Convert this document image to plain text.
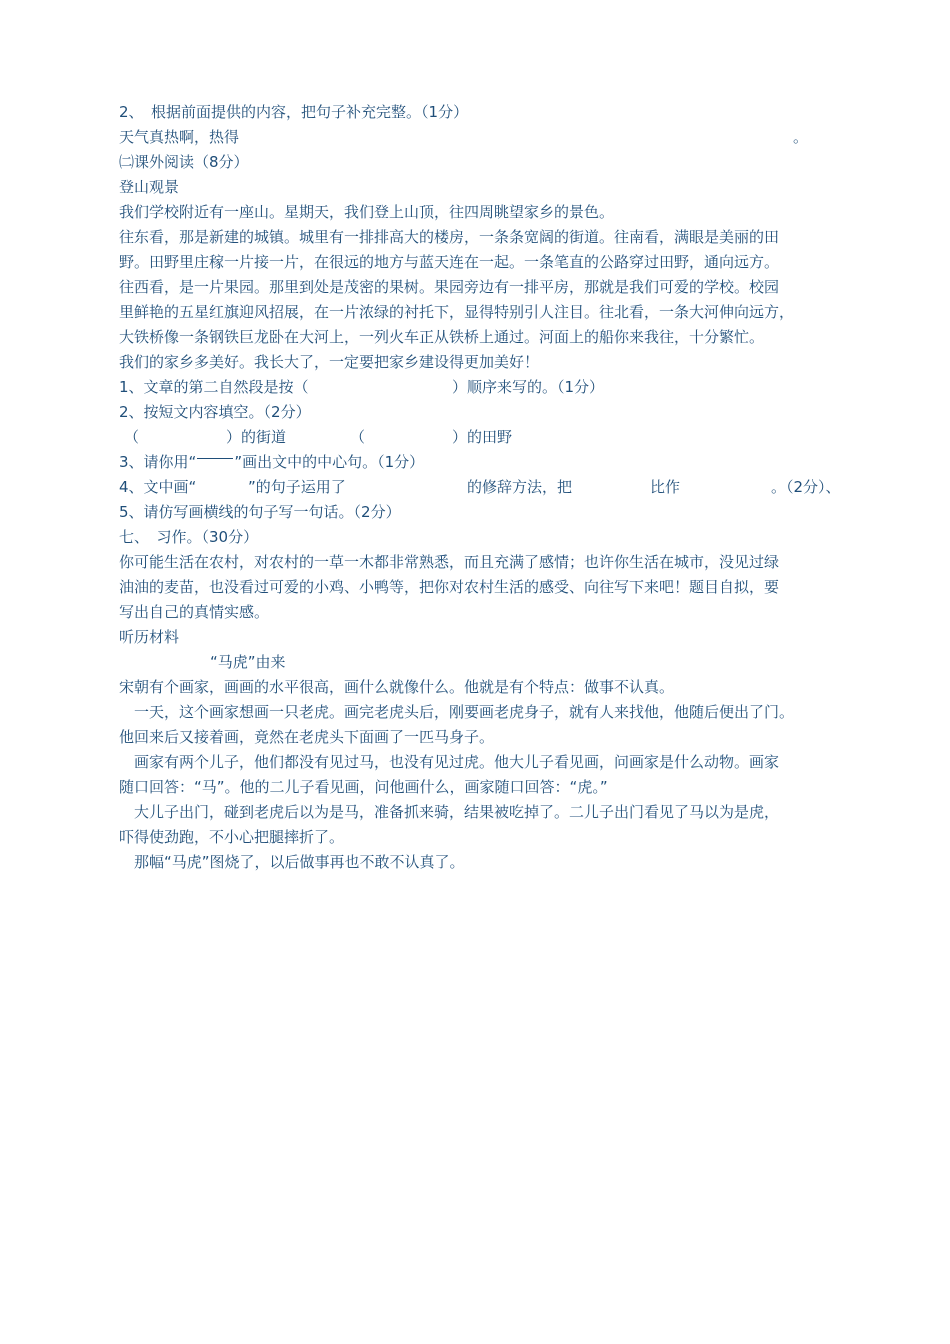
2、　根据前面提供的内容，把句子补充完整。（1分）
天气真热啊，热得	。
㈡课外阅读（8分）
登山观景
我们学校附近有一座山。星期天，我们登上山顶，往四周眺望家乡的景色。
往东看，那是新建的城镇。城里有一排排高大的楼房，一条条宽阔的街道。往南看，满眼是美丽的田
野。田野里庄稼一片接一片，在很远的地方与蓝天连在一起。一条笔直的公路穿过田野，通向远方。
往西看，是一片果园。那里到处是茂密的果树。果园旁边有一排平房，那就是我们可爱的学校。校园
里鲜艳的五星红旗迎风招展，在一片浓绿的衬托下，显得特别引人注目。往北看，一条大河伸向远方，
大铁桥像一条钢铁巨龙卧在大河上，一列火车正从铁桥上通过。河面上的船你来我往，十分繁忙。
我们的家乡多美好。我长大了，一定要把家乡建设得更加美好！
1、文章的第二自然段是按（	）顺序来写的。（1分）
2、按短文内容填空。（2分）
（	）的街道	（	）的田野
3、请你用“	”画出文中的中心句。（1分）
4、文中画“	”的句子运用了	的修辞方法，把	比作	。（2分）、
5、请仿写画横线的句子写一句话。（2分）
七、　习作。（30分）
你可能生活在农村，对农村的一草一木都非常熟悉，而且充满了感情；也许你生活在城市，没见过绿
油油的麦苗，也没看过可爱的小鸡、小鸭等，把你对农村生活的感受、向往写下来吧！题目自拟，要
写出自己的真情实感。
听历材料
“马虎”由来
宋朝有个画家，画画的水平很高，画什么就像什么。他就是有个特点：做事不认真。
　一天，这个画家想画一只老虎。画完老虎头后，刚要画老虎身子，就有人来找他，他随后便出了门。
他回来后又接着画，竟然在老虎头下面画了一匹马身子。
　画家有两个儿子，他们都没有见过马，也没有见过虎。他大儿子看见画，问画家是什么动物。画家
随口回答：“马”。他的二儿子看见画，问他画什么，画家随口回答：“虎。”
　大儿子出门，碰到老虎后以为是马，准备抓来骑，结果被吃掉了。二儿子出门看见了马以为是虎，
吓得使劲跑，不小心把腿摔折了。
　那幅“马虎”图烧了，以后做事再也不敢不认真了。
